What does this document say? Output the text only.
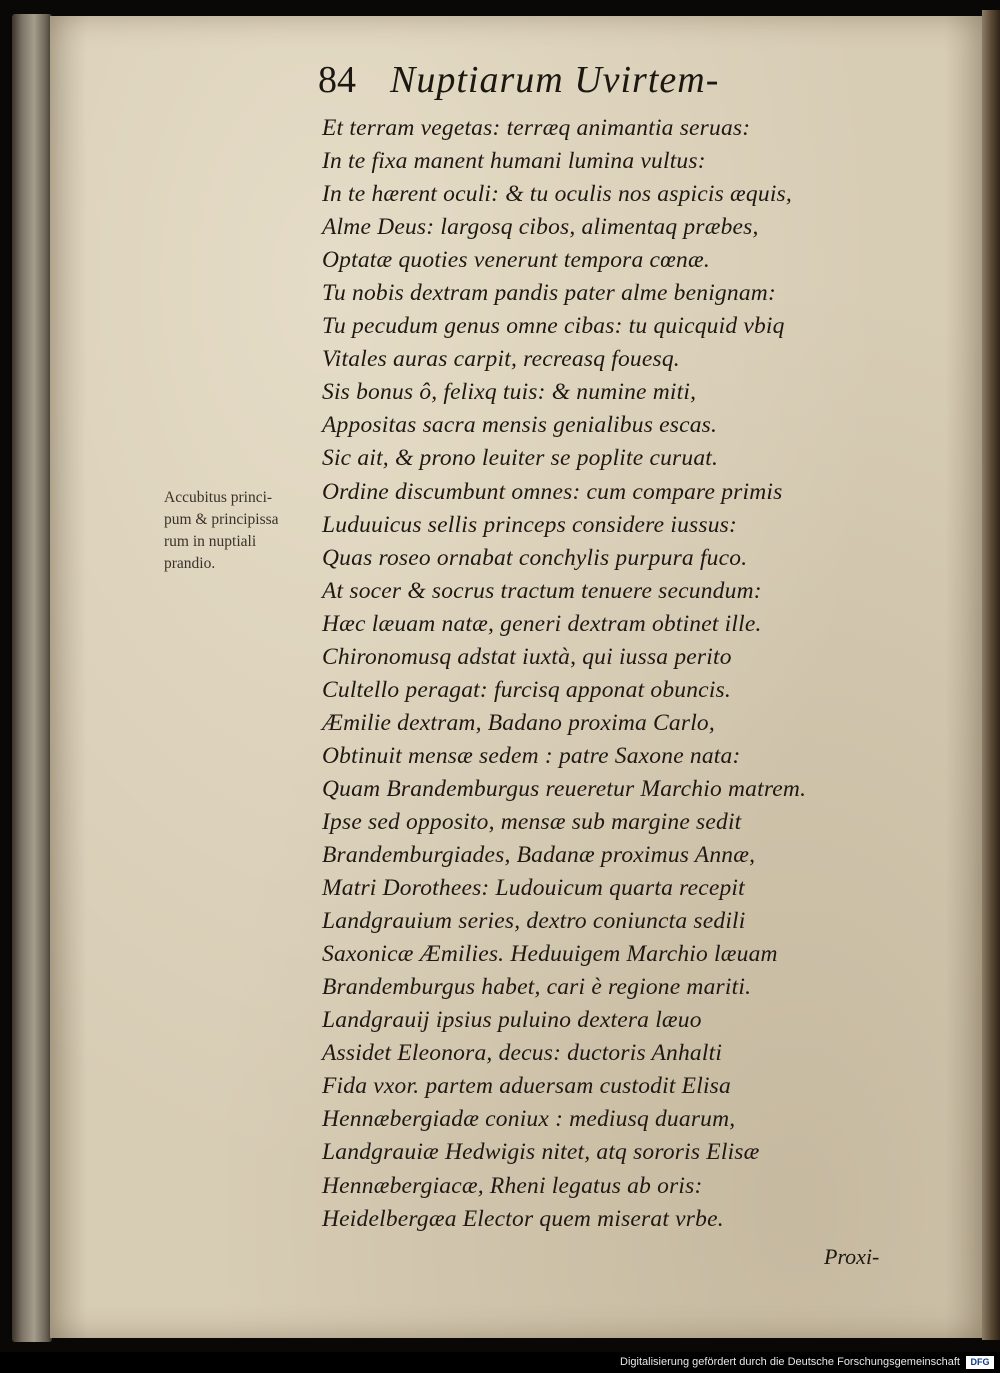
84 Nuptiarum Uvirtem-
Accubitus princi-
pum & principissa
rum in nuptiali
prandio.
Et terram vegetas: terræq animantia seruas:
In te fixa manent humani lumina vultus:
In te hærent oculi: & tu oculis nos aspicis æquis,
Alme Deus: largosq cibos, alimentaq præbes,
Optatæ quoties venerunt tempora cœnæ.
Tu nobis dextram pandis pater alme benignam:
Tu pecudum genus omne cibas: tu quicquid vbiq
Vitales auras carpit, recreasq fouesq.
Sis bonus ô, felixq tuis: & numine miti,
Appositas sacra mensis genialibus escas.
Sic ait, & prono leuiter se poplite curuat.
Ordine discumbunt omnes: cum compare primis
Luduuicus sellis princeps considere iussus:
Quas roseo ornabat conchylis purpura fuco.
At socer & socrus tractum tenuere secundum:
Hæc læuam natæ, generi dextram obtinet ille.
Chironomusq adstat iuxtà, qui iussa perito
Cultello peragat: furcisq apponat obuncis.
Æmilie dextram, Badano proxima Carlo,
Obtinuit mensæ sedem : patre Saxone nata:
Quam Brandemburgus reueretur Marchio matrem.
Ipse sed opposito, mensæ sub margine sedit
Brandemburgiades, Badanæ proximus Annæ,
Matri Dorothees: Ludouicum quarta recepit
Landgrauium series, dextro coniuncta sedili
Saxonicæ Æmilies. Heduuigem Marchio læuam
Brandemburgus habet, cari è regione mariti.
Landgrauij ipsius puluino dextera læuo
Assidet Eleonora, decus: ductoris Anhalti
Fida vxor. partem aduersam custodit Elisa
Hennæbergiadæ coniux : mediusq duarum,
Landgrauiæ Hedwigis nitet, atq sororis Elisæ
Hennæbergiacæ, Rheni legatus ab oris:
Heidelbergæa Elector quem miserat vrbe.
Proxi-
Digitalisierung gefördert durch die Deutsche Forschungsgemeinschaft	DFG
